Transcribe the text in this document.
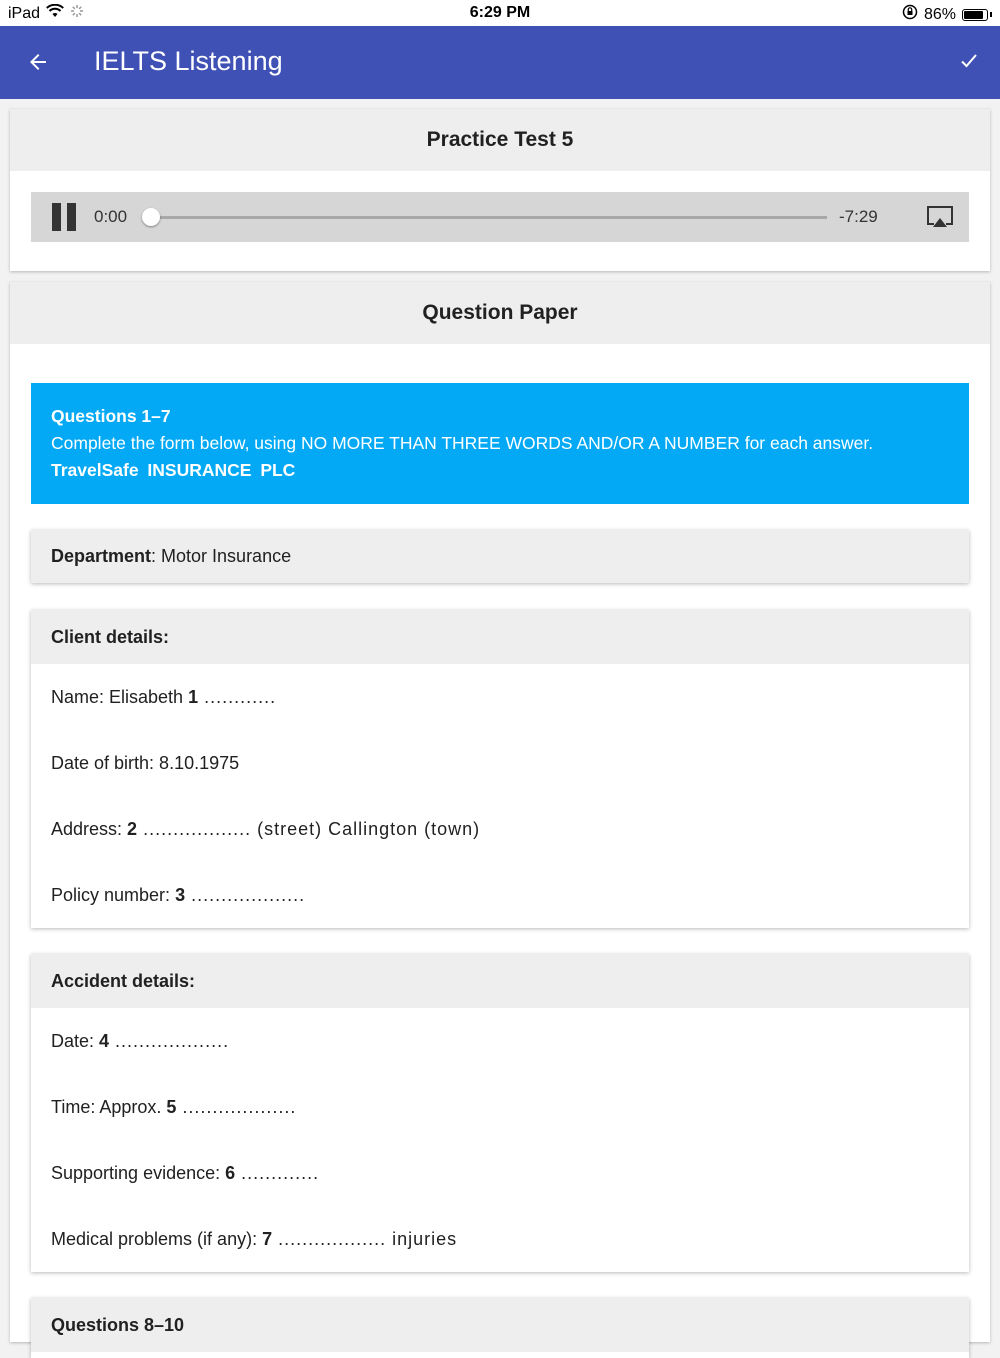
iPad	6:29 PM	86%
IELTS Listening
Practice Test 5
0:00	-7:29
Question Paper
Questions 1–7
Complete the form below, using NO MORE THAN THREE WORDS AND/OR A NUMBER for each answer.
TravelSafe INSURANCE PLC
Department: Motor Insurance
Client details:
Name: Elisabeth 1 ............
Date of birth: 8.10.1975
Address: 2 .................. (street) Callington (town)
Policy number: 3 ...................
Accident details:
Date: 4 ...................
Time: Approx. 5 ...................
Supporting evidence: 6 .............
Medical problems (if any): 7 .................. injuries
Questions 8–10
